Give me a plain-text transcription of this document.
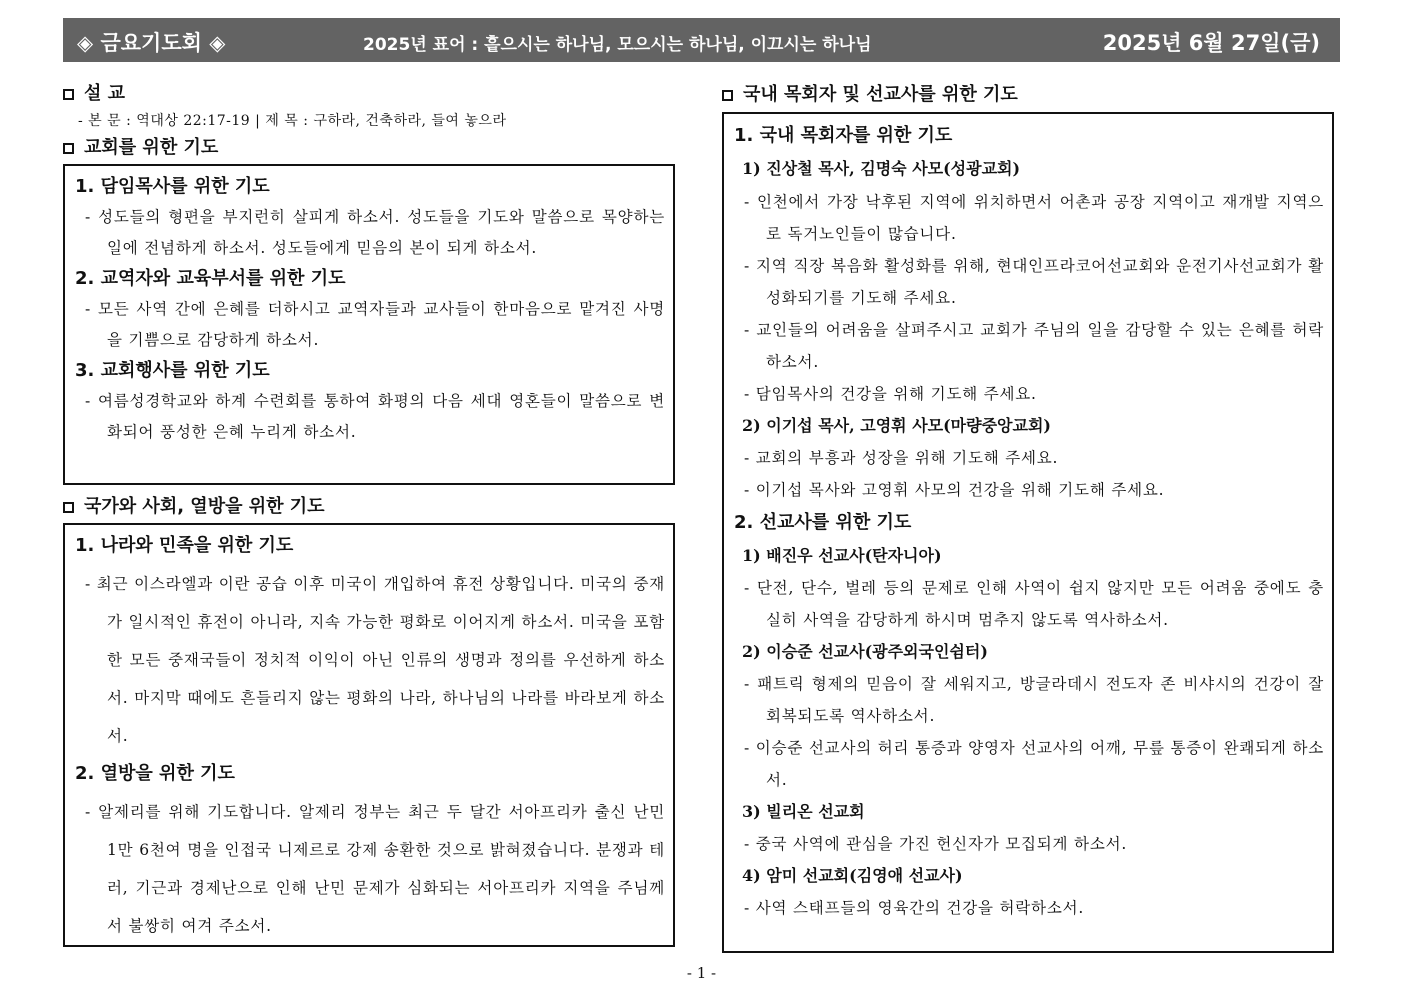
◈ 금요기도회 ◈	2025년 표어 : 흩으시는 하나님, 모으시는 하나님, 이끄시는 하나님	2025년 6월 27일(금)
설 교
- 본 문 : 역대상 22:17-19 | 제 목 : 구하라, 건축하라, 들여 놓으라
교회를 위한 기도
1. 담임목사를 위한 기도

- 성도들의 형편을 부지런히 살피게 하소서. 성도들을 기도와 말씀으로 목양하는 일에 전념하게 하소서. 성도들에게 믿음의 본이 되게 하소서.

2. 교역자와 교육부서를 위한 기도

- 모든 사역 간에 은혜를 더하시고 교역자들과 교사들이 한마음으로 맡겨진 사명을 기쁨으로 감당하게 하소서.

3. 교회행사를 위한 기도

- 여름성경학교와 하계 수련회를 통하여 화평의 다음 세대 영혼들이 말씀으로 변화되어 풍성한 은혜 누리게 하소서.

국가와 사회, 열방을 위한 기도
1. 나라와 민족을 위한 기도

- 최근 이스라엘과 이란 공습 이후 미국이 개입하여 휴전 상황입니다. 미국의 중재가 일시적인 휴전이 아니라, 지속 가능한 평화로 이어지게 하소서. 미국을 포함한 모든 중재국들이 정치적 이익이 아닌 인류의 생명과 정의를 우선하게 하소서. 마지막 때에도 흔들리지 않는 평화의 나라, 하나님의 나라를 바라보게 하소서.

2. 열방을 위한 기도

- 알제리를 위해 기도합니다. 알제리 정부는 최근 두 달간 서아프리카 출신 난민 1만 6천여 명을 인접국 니제르로 강제 송환한 것으로 밝혀졌습니다. 분쟁과 테러, 기근과 경제난으로 인해 난민 문제가 심화되는 서아프리카 지역을 주님께서 불쌍히 여겨 주소서.

국내 목회자 및 선교사를 위한 기도
1. 국내 목회자를 위한 기도
1) 진상철 목사, 김명숙 사모(성광교회)

- 인천에서 가장 낙후된 지역에 위치하면서 어촌과 공장 지역이고 재개발 지역으로 독거노인들이 많습니다.

- 지역 직장 복음화 활성화를 위해, 현대인프라코어선교회와 운전기사선교회가 활성화되기를 기도해 주세요.

- 교인들의 어려움을 살펴주시고 교회가 주님의 일을 감당할 수 있는 은혜를 허락하소서.

- 담임목사의 건강을 위해 기도해 주세요.

2) 이기섭 목사, 고영휘 사모(마량중앙교회)

- 교회의 부흥과 성장을 위해 기도해 주세요.

- 이기섭 목사와 고영휘 사모의 건강을 위해 기도해 주세요.

2. 선교사를 위한 기도
1) 배진우 선교사(탄자니아)

- 단전, 단수, 벌레 등의 문제로 인해 사역이 쉽지 않지만 모든 어려움 중에도 충실히 사역을 감당하게 하시며 멈추지 않도록 역사하소서.

2) 이승준 선교사(광주외국인쉼터)

- 패트릭 형제의 믿음이 잘 세워지고, 방글라데시 전도자 존 비샤시의 건강이 잘 회복되도록 역사하소서.

- 이승준 선교사의 허리 통증과 양영자 선교사의 어깨, 무릎 통증이 완쾌되게 하소서.

3) 빌리온 선교회

- 중국 사역에 관심을 가진 헌신자가 모집되게 하소서.

4) 암미 선교회(김영애 선교사)

- 사역 스태프들의 영육간의 건강을 허락하소서.

- 1 -
